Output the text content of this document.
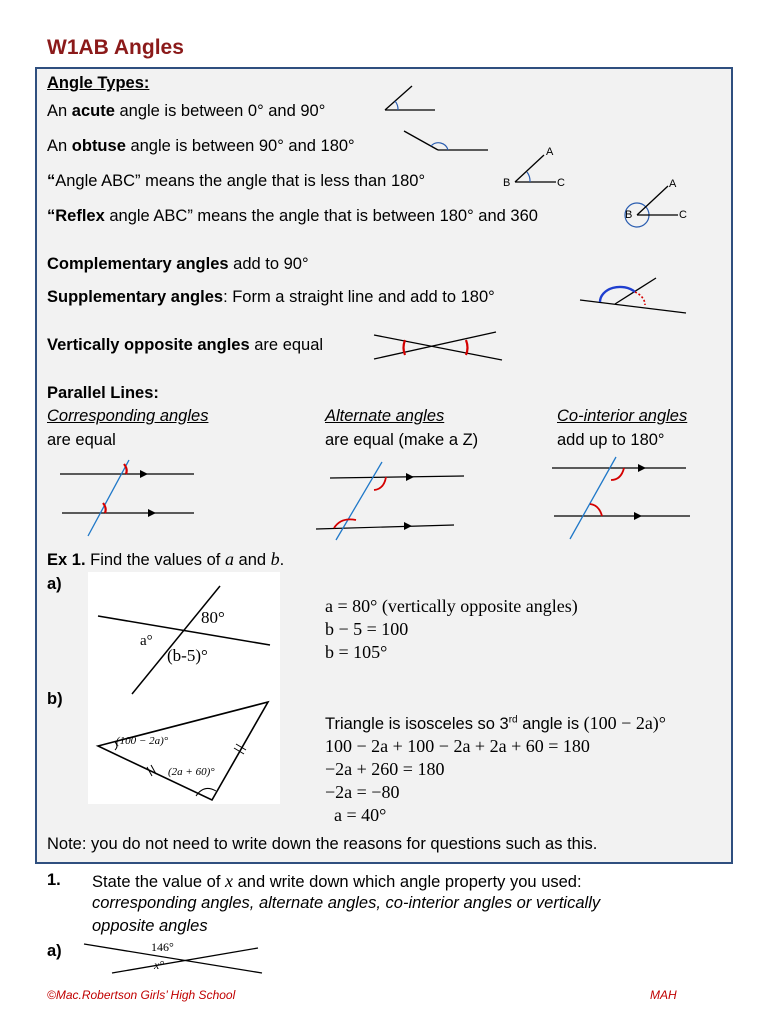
W1AB Angles
Angle Types:
An acute angle is between 0° and 90°
An obtuse angle is between 90° and 180°
“Angle ABC” means the angle that is less than 180°
A
B	C
“Reflex angle ABC” means the angle that is between 180° and 360
A
B	C
Complementary angles add to 90°
Supplementary angles: Form a straight line and add to 180°
Vertically opposite angles are equal
Parallel Lines:
Corresponding angles
are equal
Alternate angles
are equal (make a Z)
Co-interior angles
add up to 180°
Ex 1. Find the values of a and b.
a)
80°
a°
(b-5)°
a = 80° (vertically opposite angles)
b − 5 = 100
b = 105°
b)
(100 − 2a)°
(2a + 60)°
Triangle is isosceles so 3rd angle is (100 − 2a)°
100 − 2a + 100 − 2a + 2a + 60 = 180
−2a + 260 = 180
−2a = −80
a = 40°
Note: you do not need to write down the reasons for questions such as this.
1. State the value of x and write down which angle property you used:
corresponding angles, alternate angles, co-interior angles or vertically
opposite angles
a)	146°
x°
©Mac.Robertson Girls’ High School	MAH
